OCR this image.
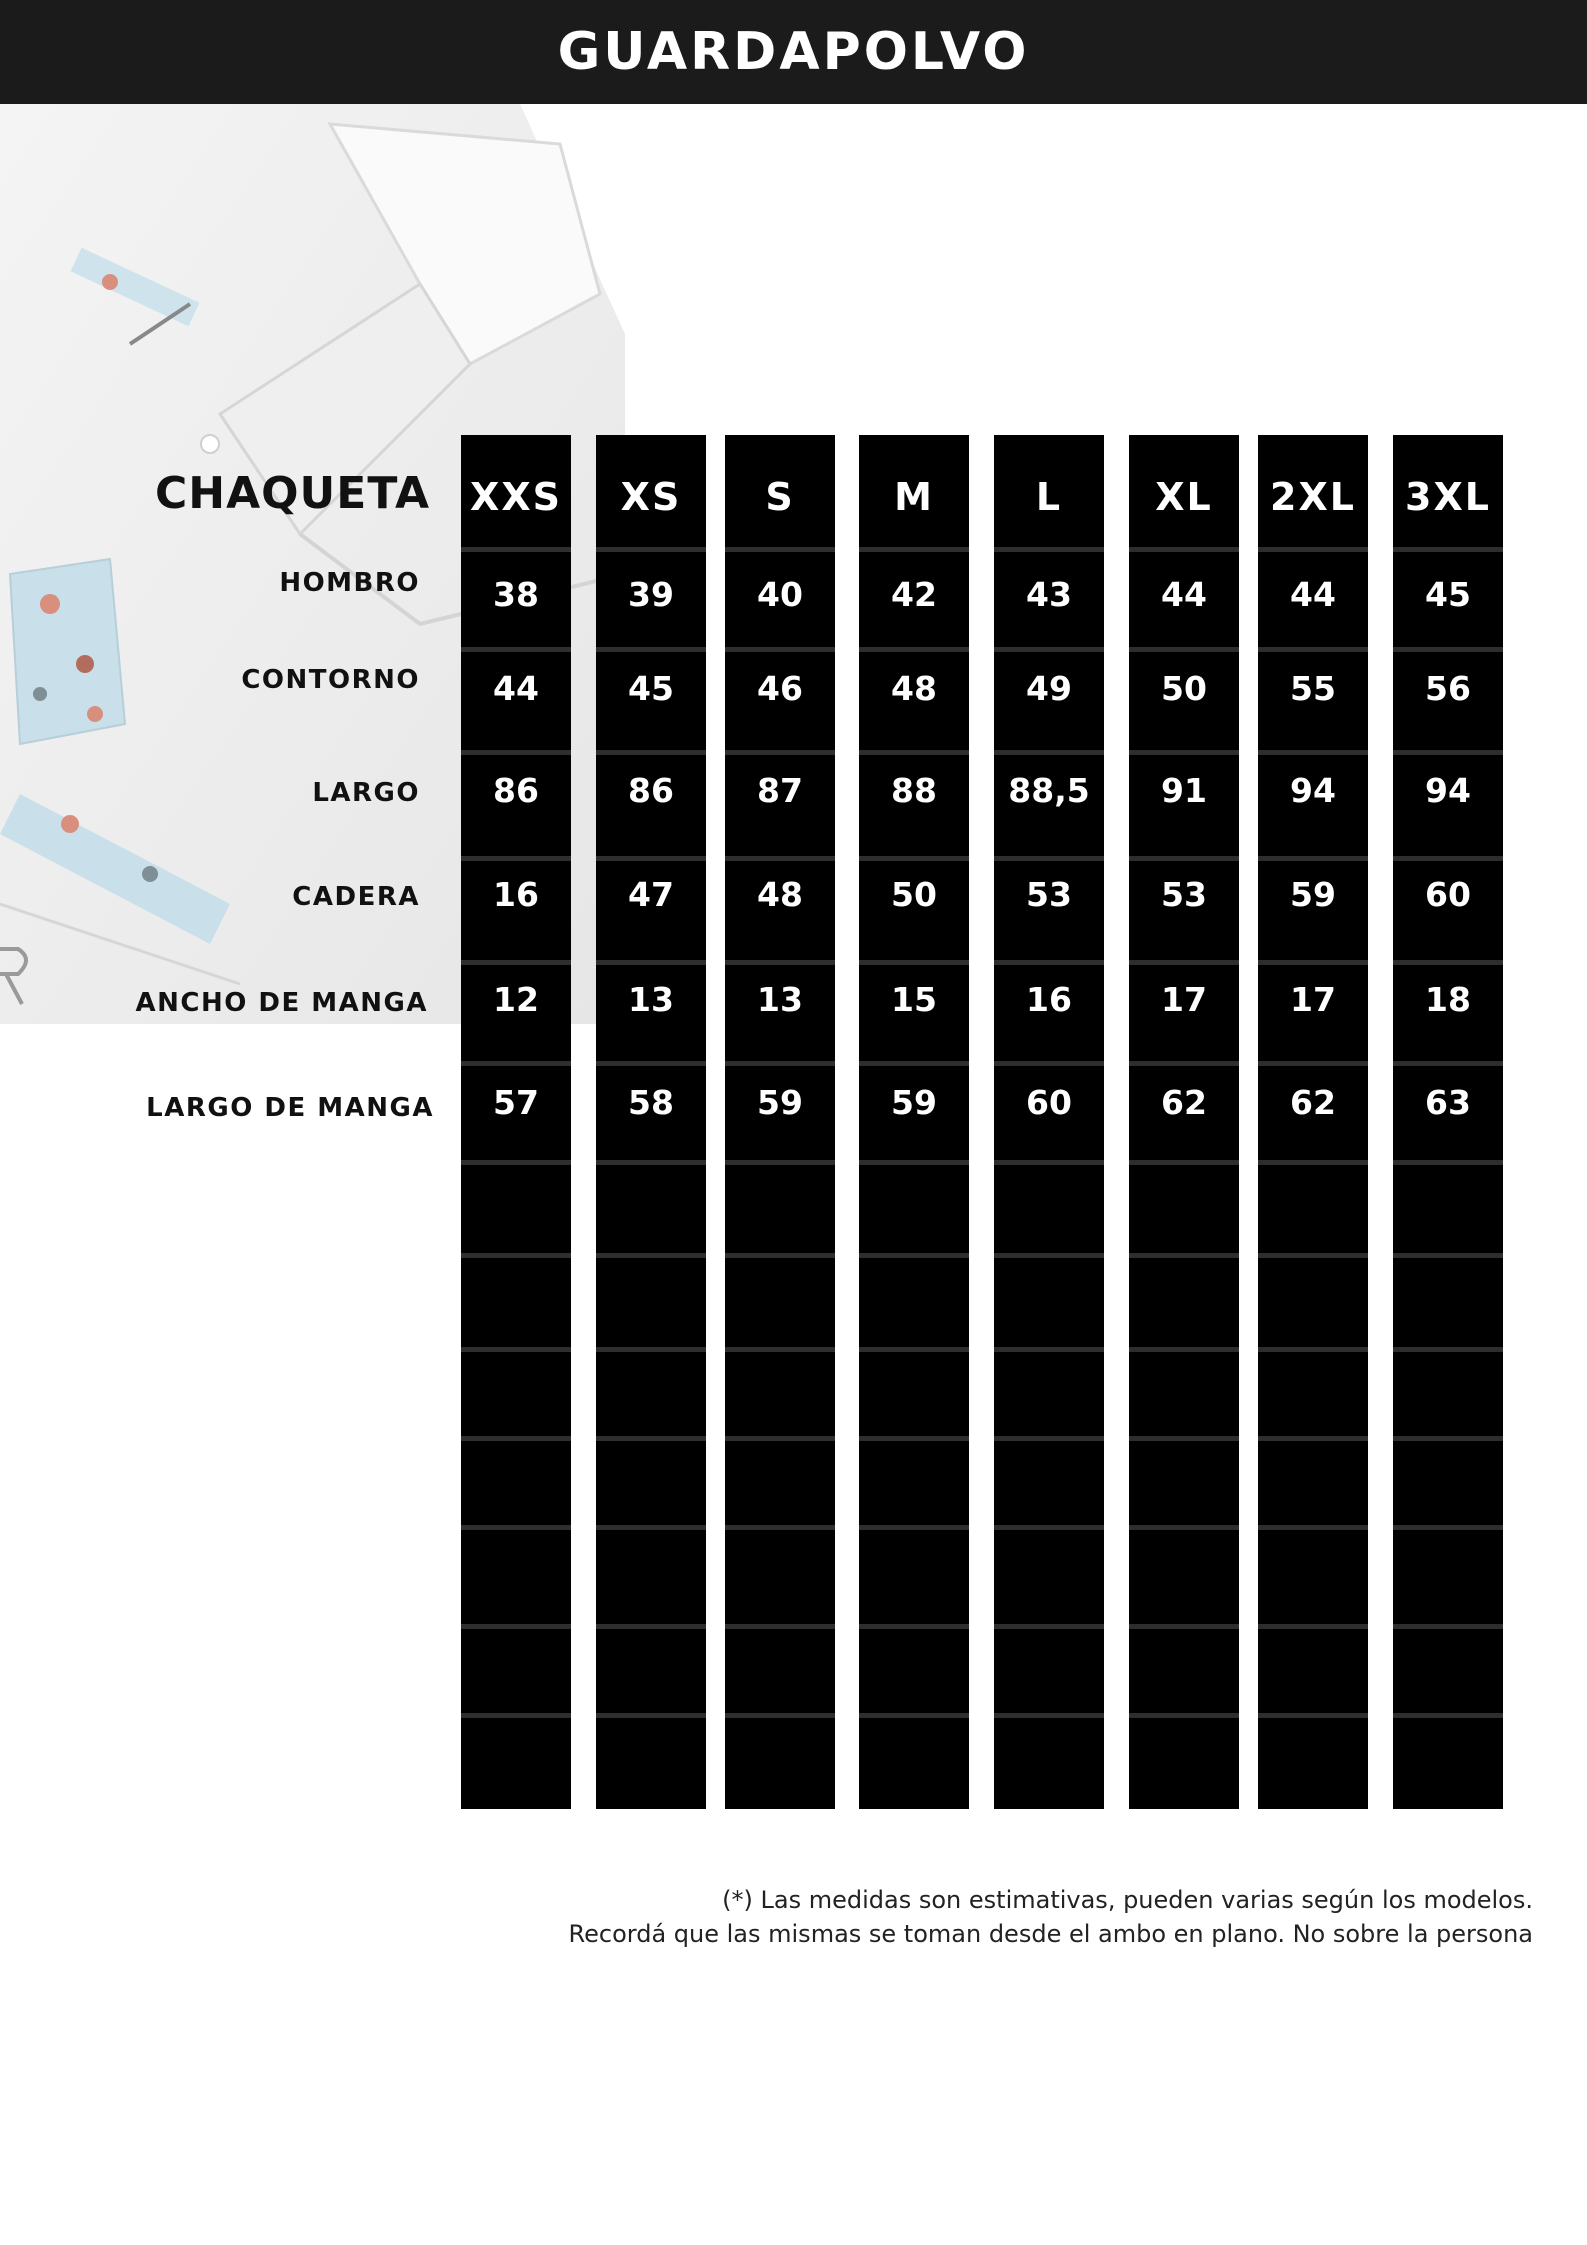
GUARDAPOLVO
CHAQUETA
HOMBRO
CONTORNO
LARGO
CADERA
ANCHO DE MANGA
LARGO DE MANGA
XXS
38
44
86
16
12
57
XS
39
45
86
47
13
58
S
40
46
87
48
13
59
M
42
48
88
50
15
59
L
43
49
88,5
53
16
60
XL
44
50
91
53
17
62
2XL
44
55
94
59
17
62
3XL
45
56
94
60
18
63
(*) Las medidas son estimativas, pueden varias según los modelos.
Recordá que las mismas se toman desde el ambo en plano. No sobre la persona
